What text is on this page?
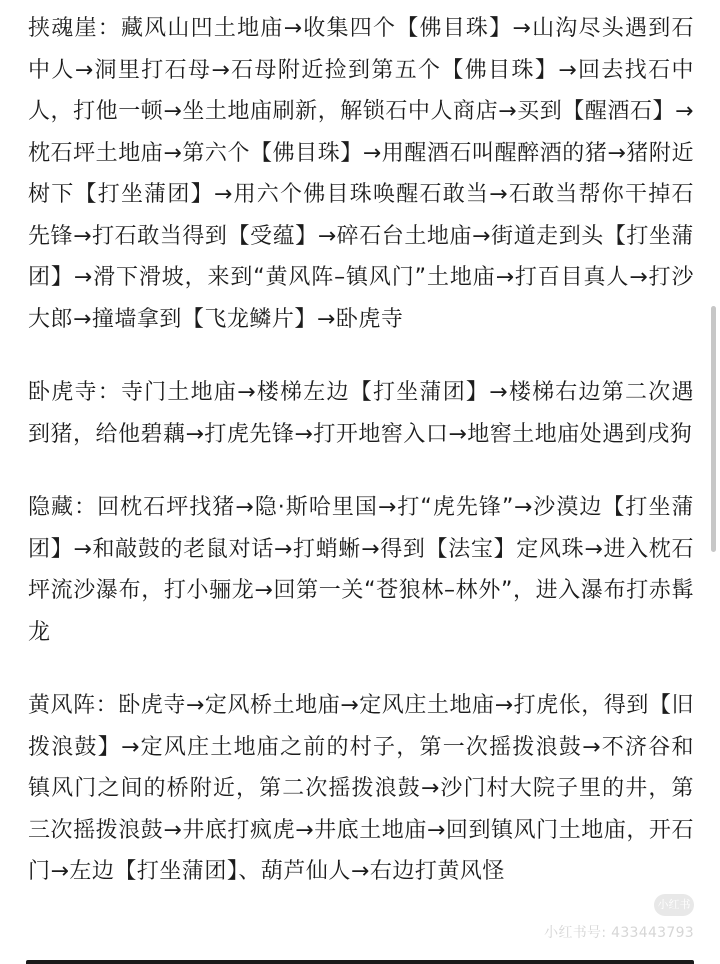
挟魂崖：藏风山凹土地庙→收集四个【佛目珠】→山沟尽头遇到石中人→洞里打石母→石母附近捡到第五个【佛目珠】→回去找石中人，打他一顿→坐土地庙刷新，解锁石中人商店→买到【醒酒石】→枕石坪土地庙→第六个【佛目珠】→用醒酒石叫醒醉酒的猪→猪附近树下【打坐蒲团】→用六个佛目珠唤醒石敢当→石敢当帮你干掉石先锋→打石敢当得到【受蕴】→碎石台土地庙→街道走到头【打坐蒲团】→滑下滑坡，来到“黄风阵–镇风门”土地庙→打百目真人→打沙大郎→撞墙拿到【飞龙鳞片】→卧虎寺

卧虎寺：寺门土地庙→楼梯左边【打坐蒲团】→楼梯右边第二次遇到猪，给他碧藕→打虎先锋→打开地窖入口→地窖土地庙处遇到戌狗

隐藏：回枕石坪找猪→隐·斯哈里国→打“虎先锋”→沙漠边【打坐蒲团】→和敲鼓的老鼠对话→打蛸蜥→得到【法宝】定风珠→进入枕石坪流沙瀑布，打小骊龙→回第一关“苍狼林–林外”，进入瀑布打赤髯龙

黄风阵：卧虎寺→定风桥土地庙→定风庄土地庙→打虎伥，得到【旧拨浪鼓】→定风庄土地庙之前的村子，第一次摇拨浪鼓→不济谷和镇风门之间的桥附近，第二次摇拨浪鼓→沙门村大院子里的井，第三次摇拨浪鼓→井底打疯虎→井底土地庙→回到镇风门土地庙，开石门→左边【打坐蒲团】、葫芦仙人→右边打黄风怪

小红书
小红书号: 433443793
